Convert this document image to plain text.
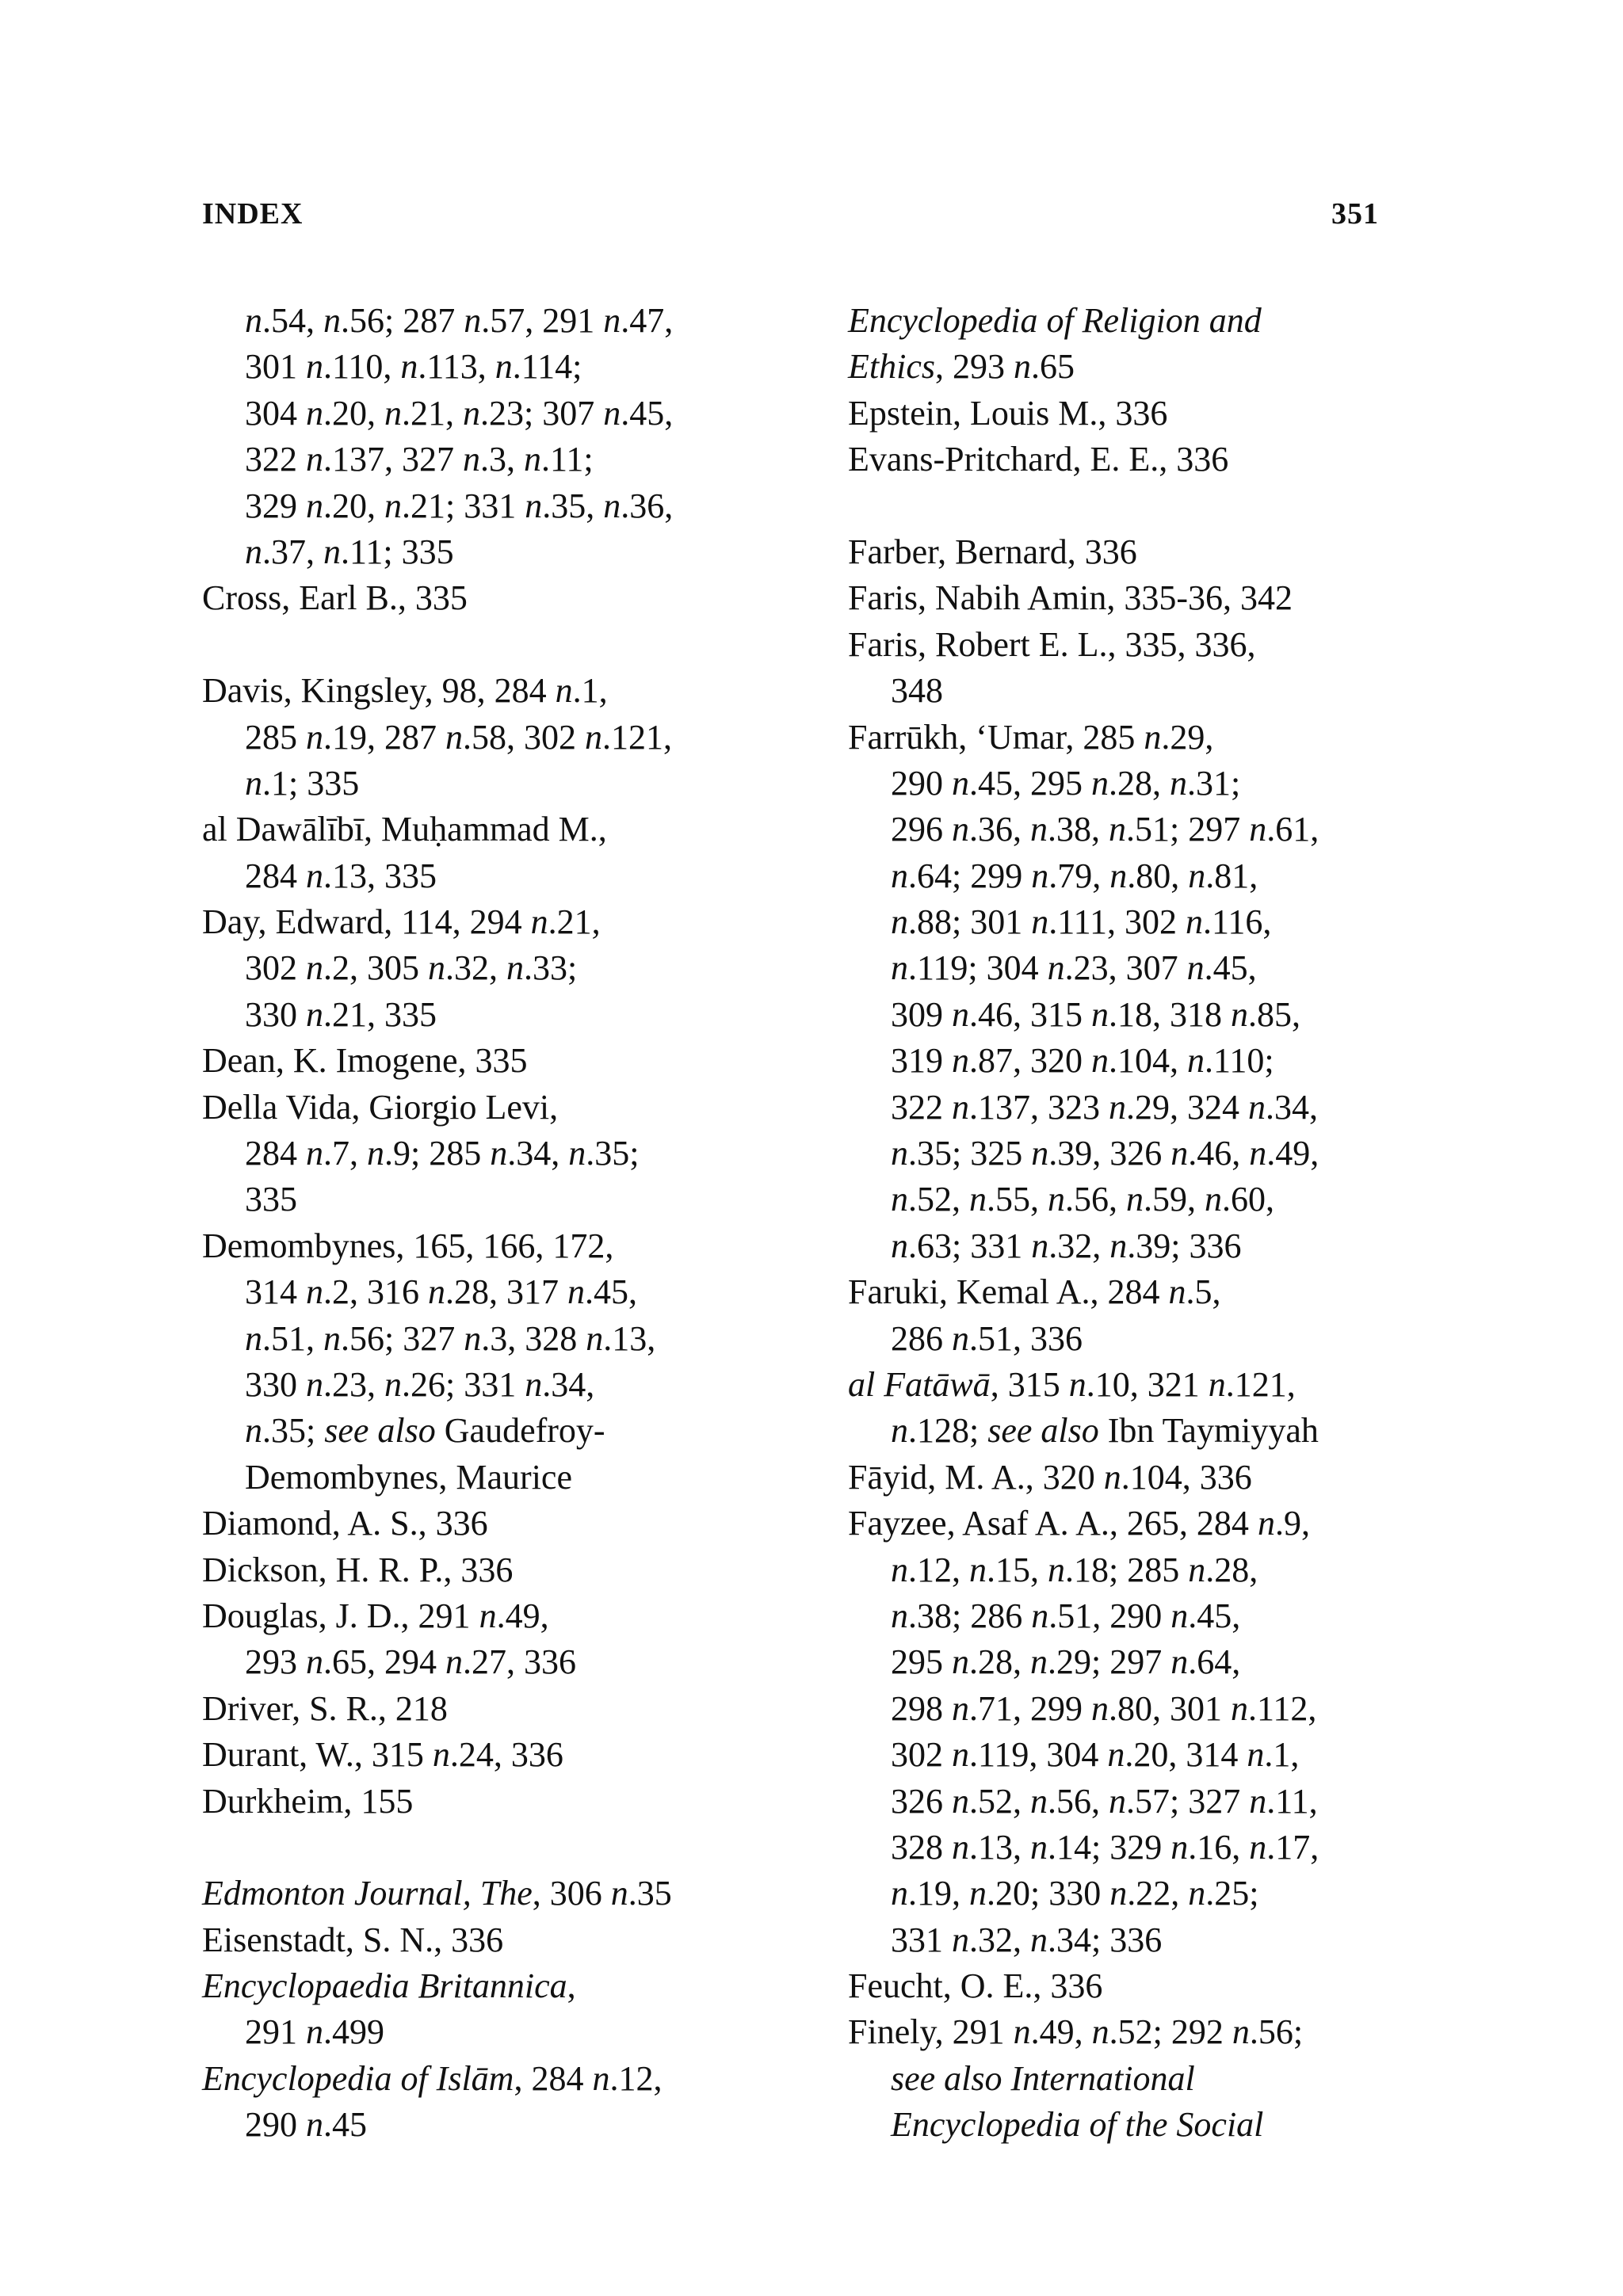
INDEX	351
n.54, n.56; 287 n.57, 291 n.47,
301 n.110, n.113, n.114;
304 n.20, n.21, n.23; 307 n.45,
322 n.137, 327 n.3, n.11;
329 n.20, n.21; 331 n.35, n.36,
n.37, n.11; 335
Cross, Earl B., 335
Davis, Kingsley, 98, 284 n.1,
285 n.19, 287 n.58, 302 n.121,
n.1; 335
al Dawālībī, Muḥammad M.,
284 n.13, 335
Day, Edward, 114, 294 n.21,
302 n.2, 305 n.32, n.33;
330 n.21, 335
Dean, K. Imogene, 335
Della Vida, Giorgio Levi,
284 n.7, n.9; 285 n.34, n.35;
335
Demombynes, 165, 166, 172,
314 n.2, 316 n.28, 317 n.45,
n.51, n.56; 327 n.3, 328 n.13,
330 n.23, n.26; 331 n.34,
n.35; see also Gaudefroy-
Demombynes, Maurice
Diamond, A. S., 336
Dickson, H. R. P., 336
Douglas, J. D., 291 n.49,
293 n.65, 294 n.27, 336
Driver, S. R., 218
Durant, W., 315 n.24, 336
Durkheim, 155
Edmonton Journal, The, 306 n.35
Eisenstadt, S. N., 336
Encyclopaedia Britannica,
291 n.499
Encyclopedia of Islām, 284 n.12,
290 n.45
Encyclopedia of Religion and
Ethics, 293 n.65
Epstein, Louis M., 336
Evans-Pritchard, E. E., 336
Farber, Bernard, 336
Faris, Nabih Amin, 335-36, 342
Faris, Robert E. L., 335, 336,
348
Farrūkh, ‘Umar, 285 n.29,
290 n.45, 295 n.28, n.31;
296 n.36, n.38, n.51; 297 n.61,
n.64; 299 n.79, n.80, n.81,
n.88; 301 n.111, 302 n.116,
n.119; 304 n.23, 307 n.45,
309 n.46, 315 n.18, 318 n.85,
319 n.87, 320 n.104, n.110;
322 n.137, 323 n.29, 324 n.34,
n.35; 325 n.39, 326 n.46, n.49,
n.52, n.55, n.56, n.59, n.60,
n.63; 331 n.32, n.39; 336
Faruki, Kemal A., 284 n.5,
286 n.51, 336
al Fatāwā, 315 n.10, 321 n.121,
n.128; see also Ibn Taymiyyah
Fāyid, M. A., 320 n.104, 336
Fayzee, Asaf A. A., 265, 284 n.9,
n.12, n.15, n.18; 285 n.28,
n.38; 286 n.51, 290 n.45,
295 n.28, n.29; 297 n.64,
298 n.71, 299 n.80, 301 n.112,
302 n.119, 304 n.20, 314 n.1,
326 n.52, n.56, n.57; 327 n.11,
328 n.13, n.14; 329 n.16, n.17,
n.19, n.20; 330 n.22, n.25;
331 n.32, n.34; 336
Feucht, O. E., 336
Finely, 291 n.49, n.52; 292 n.56;
see also International
Encyclopedia of the Social
